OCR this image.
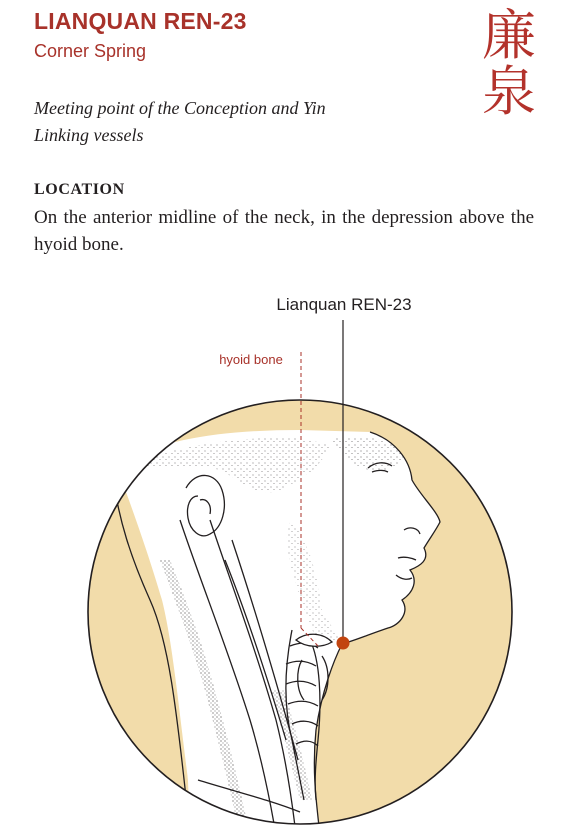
LIANQUAN REN-23
Corner Spring	廉
泉
Meeting point of the Conception and Yin Linking vessels
LOCATION
On the anterior midline of the neck, in the depression above the hyoid bone.
Lianquan REN-23
hyoid bone
